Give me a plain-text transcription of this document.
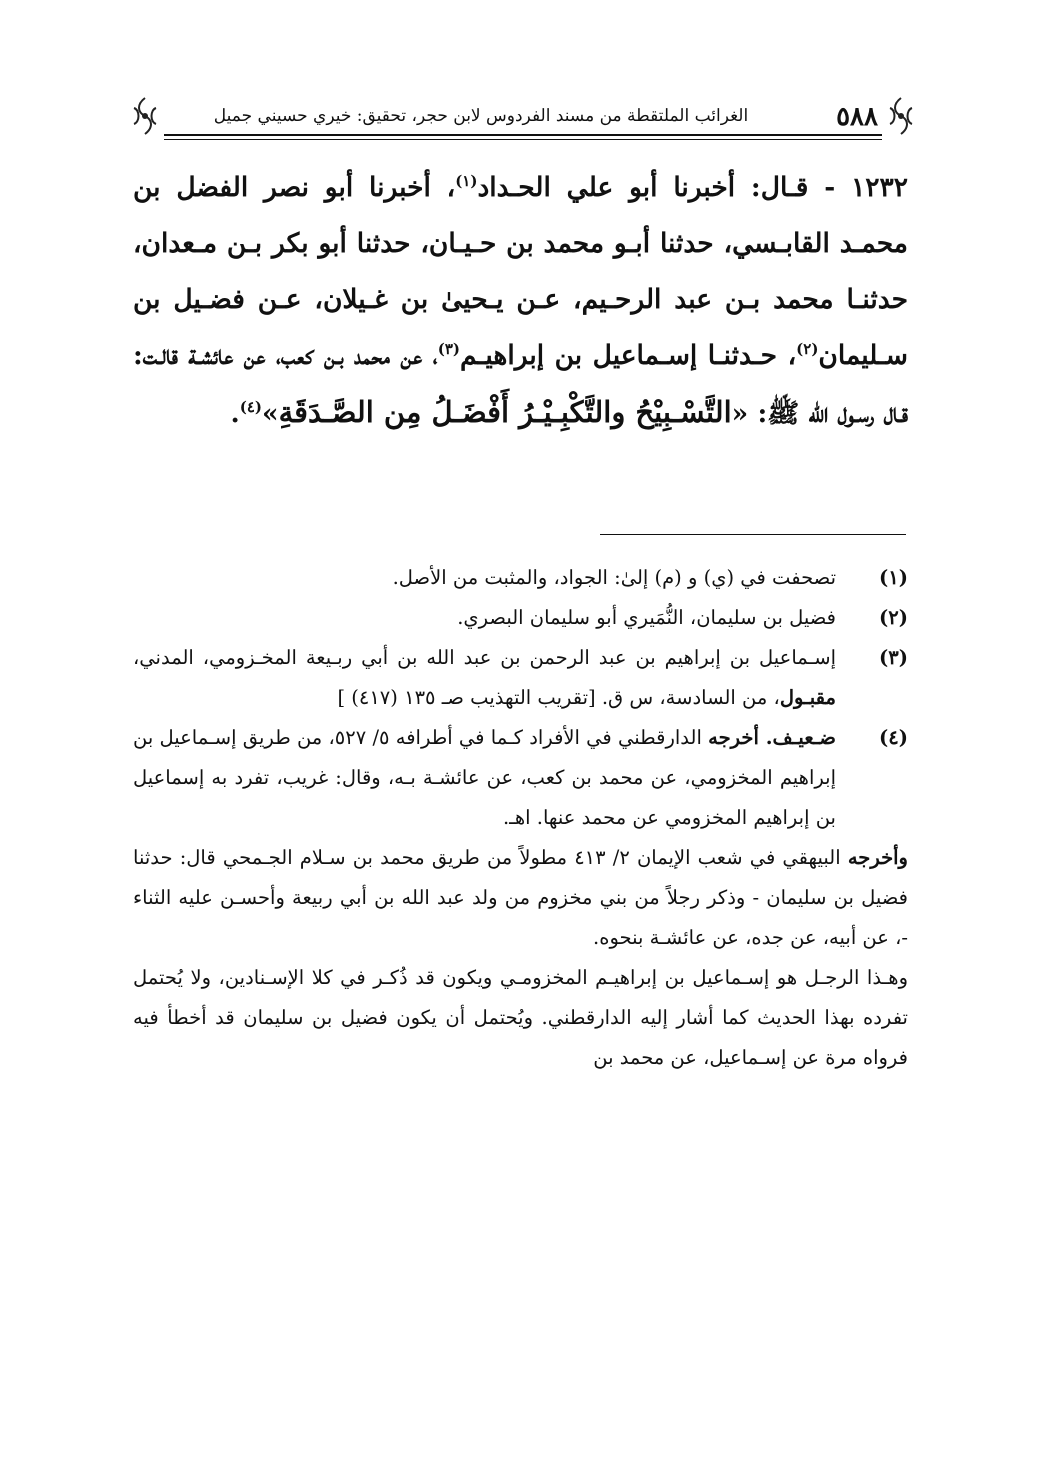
٥٨٨
الغرائب الملتقطة من مسند الفردوس لابن حجر، تحقيق: خيري حسيني جميل

١٢٣٢ - قـال: أخبرنا أبو علي الحـداد$^{(١)}$، أخبرنا أبو نصر الفضل بن محمـد القابـسي، حدثنا أبـو محمد بن حـيـان، حدثنا أبو بكر بـن مـعدان، حدثنـا محمد بـن عبد الرحـيم، عـن يـحيىٰ بن غـيلان، عـن فضـيل بن سـليمان$^{(٢)}$، حـدثنـا إسـماعيل بن إبراهيـم$^{(٣)}$، عن محمد بـن كعب، عن عائشـة قالـت: قـال رسـول الله ﷺ: «التَّسْـبِيْحُ والتَّكْبِـيْـرُ أَفْضَـلُ مِن الصَّـدَقَةِ»$^{(٤)}$.

(١)
تصحفت في (ي) و (م) إلىٰ: الجواد، والمثبت من الأصل.
(٢)
فضيل بن سليمان، النُّمَيري أبو سليمان البصري.
(٣)
إسـماعيل بن إبراهيم بن عبد الرحمن بن عبد الله بن أبي ربـيعة المخـزومي، المدني، مقبـول، من السادسة، س ق. [تقريب التهذيب صـ ١٣٥ (٤١٧) ]
(٤)
ضـعيـف. أخرجه الدارقطني في الأفراد كـما في أطرافه ٥/ ٥٢٧، من طريق إسـماعيل بن إبراهيم المخزومي، عن محمد بن كعب، عن عائشـة بـه، وقال: غريب، تفرد به إسماعيل بن إبراهيم المخزومي عن محمد عنها. اهـ.

وأخرجه البيهقي في شعب الإيمان ٢/ ٤١٣ مطولاً من طريق محمد بن سـلام الجـمحي قال: حدثنا فضيل بن سليمان - وذكر رجلاً من بني مخزوم من ولد عبد الله بن أبي ربيعة وأحسـن عليه الثناء -، عن أبيه، عن جده، عن عائشـة بنحوه.

وهـذا الرجـل هو إسـماعيل بن إبراهيـم المخزومـي ويكون قد ذُكـر في كلا الإسـنادين، ولا يُحتمل تفرده بهذا الحديث كما أشار إليه الدارقطني. ويُحتمل أن يكون فضيل بن سليمان قد أخطأ فيه فرواه مرة عن إسـماعيل، عن محمد بن
